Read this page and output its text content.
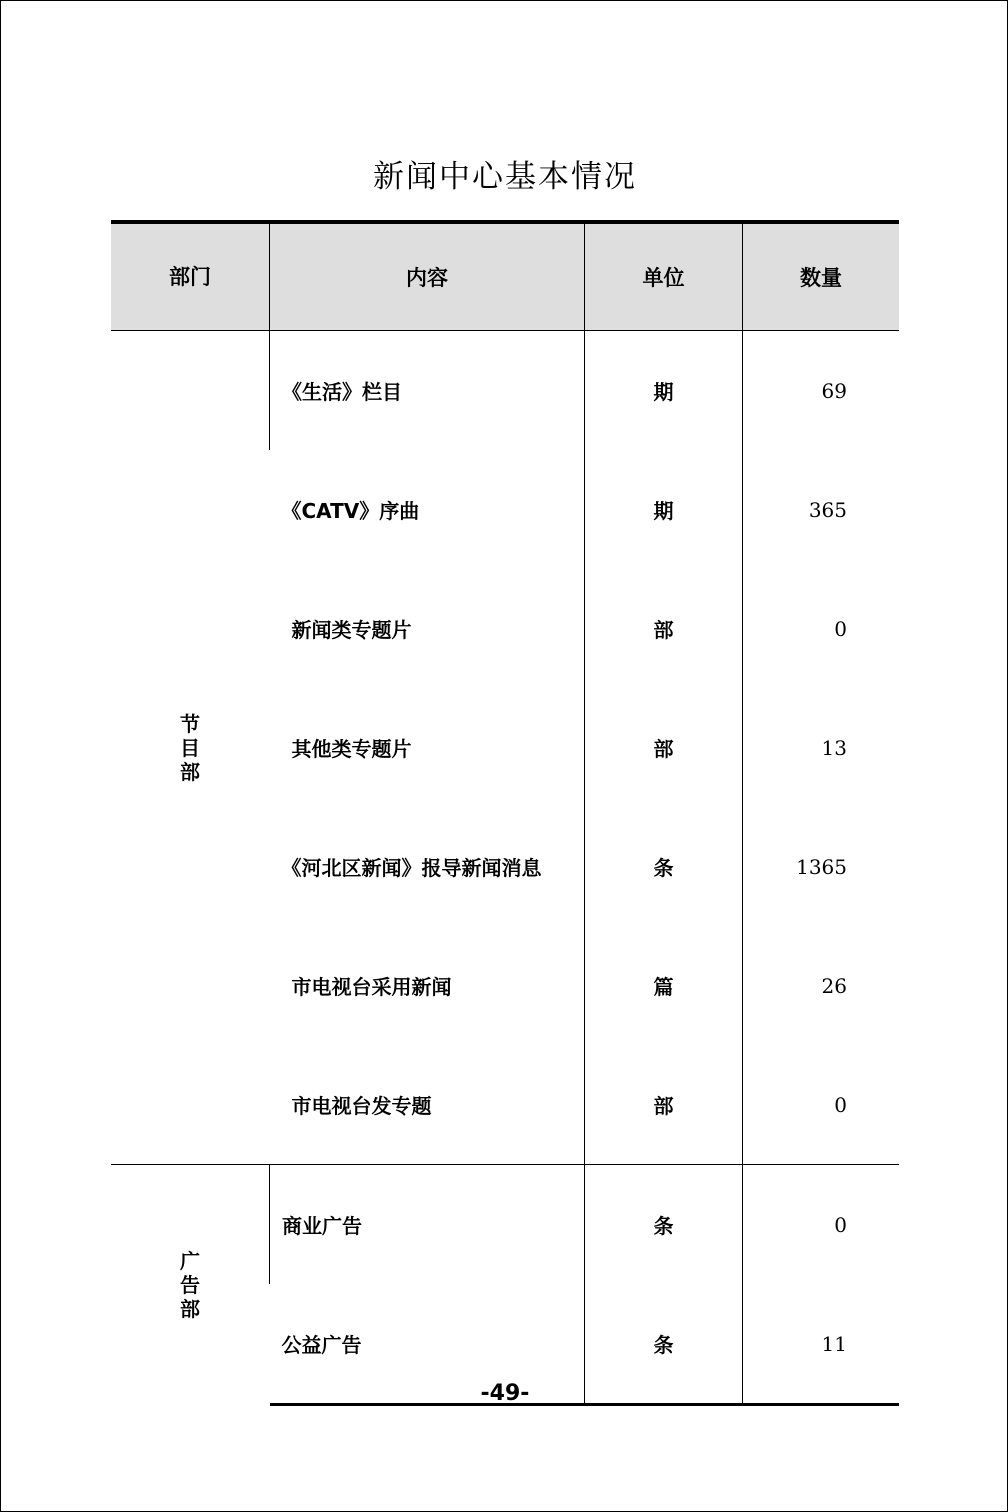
新闻中心基本情况
部门	内容	单位	数量

节
目
部	《生活》栏目	期	69
	《CATV》序曲	期	365
	新闻类专题片	部	0
	其他类专题片	部	13
	《河北区新闻》报导新闻消息	条	1365
	市电视台采用新闻	篇	26
	市电视台发专题	部	0

广
告
部	商业广告	条	0
	公益广告	条	11
-49-
